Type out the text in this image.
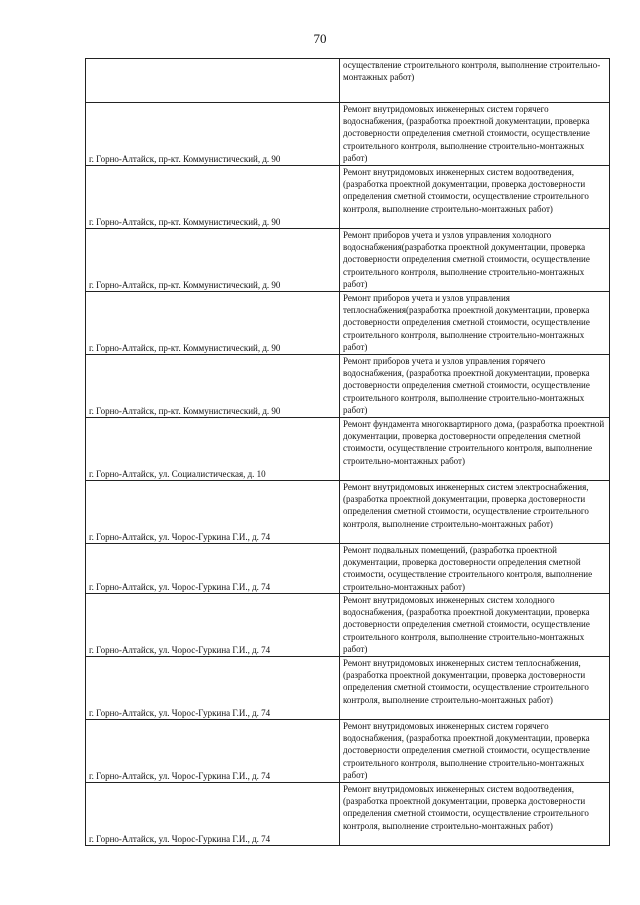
70
	осуществление строительного контроля, выполнение строительно-монтажных работ)
г. Горно-Алтайск, пр-кт. Коммунистический, д. 90	Ремонт внутридомовых инженерных систем горячего водоснабжения, (разработка проектной документации, проверка достоверности определения сметной стоимости, осуществление строительного контроля, выполнение строительно-монтажных работ)
г. Горно-Алтайск, пр-кт. Коммунистический, д. 90	Ремонт внутридомовых инженерных систем водоотведения, (разработка проектной документации, проверка достоверности определения сметной стоимости, осуществление строительного контроля, выполнение строительно-монтажных работ)
г. Горно-Алтайск, пр-кт. Коммунистический, д. 90	Ремонт приборов учета и узлов управления холодного водоснабжения(разработка проектной документации, проверка достоверности определения сметной стоимости, осуществление строительного контроля, выполнение строительно-монтажных работ)
г. Горно-Алтайск, пр-кт. Коммунистический, д. 90	Ремонт приборов учета и узлов управления теплоснабжения(разработка проектной документации, проверка достоверности определения сметной стоимости, осуществление строительного контроля, выполнение строительно-монтажных работ)
г. Горно-Алтайск, пр-кт. Коммунистический, д. 90	Ремонт приборов учета и узлов управления горячего водоснабжения, (разработка проектной документации, проверка достоверности определения сметной стоимости, осуществление строительного контроля, выполнение строительно-монтажных работ)
г. Горно-Алтайск, ул. Социалистическая, д. 10	Ремонт фундамента многоквартирного дома, (разработка проектной документации, проверка достоверности определения сметной стоимости, осуществление строительного контроля, выполнение строительно-монтажных работ)
г. Горно-Алтайск, ул. Чорос-Гуркина Г.И., д. 74	Ремонт внутридомовых инженерных систем электроснабжения, (разработка проектной документации, проверка достоверности определения сметной стоимости, осуществление строительного контроля, выполнение строительно-монтажных работ)
г. Горно-Алтайск, ул. Чорос-Гуркина Г.И., д. 74	Ремонт подвальных помещений, (разработка проектной документации, проверка достоверности определения сметной стоимости, осуществление строительного контроля, выполнение строительно-монтажных работ)
г. Горно-Алтайск, ул. Чорос-Гуркина Г.И., д. 74	Ремонт внутридомовых инженерных систем холодного водоснабжения, (разработка проектной документации, проверка достоверности определения сметной стоимости, осуществление строительного контроля, выполнение строительно-монтажных работ)
г. Горно-Алтайск, ул. Чорос-Гуркина Г.И., д. 74	Ремонт внутридомовых инженерных систем теплоснабжения, (разработка проектной документации, проверка достоверности определения сметной стоимости, осуществление строительного контроля, выполнение строительно-монтажных работ)
г. Горно-Алтайск, ул. Чорос-Гуркина Г.И., д. 74	Ремонт внутридомовых инженерных систем горячего водоснабжения, (разработка проектной документации, проверка достоверности определения сметной стоимости, осуществление строительного контроля, выполнение строительно-монтажных работ)
г. Горно-Алтайск, ул. Чорос-Гуркина Г.И., д. 74	Ремонт внутридомовых инженерных систем водоотведения, (разработка проектной документации, проверка достоверности определения сметной стоимости, осуществление строительного контроля, выполнение строительно-монтажных работ)
